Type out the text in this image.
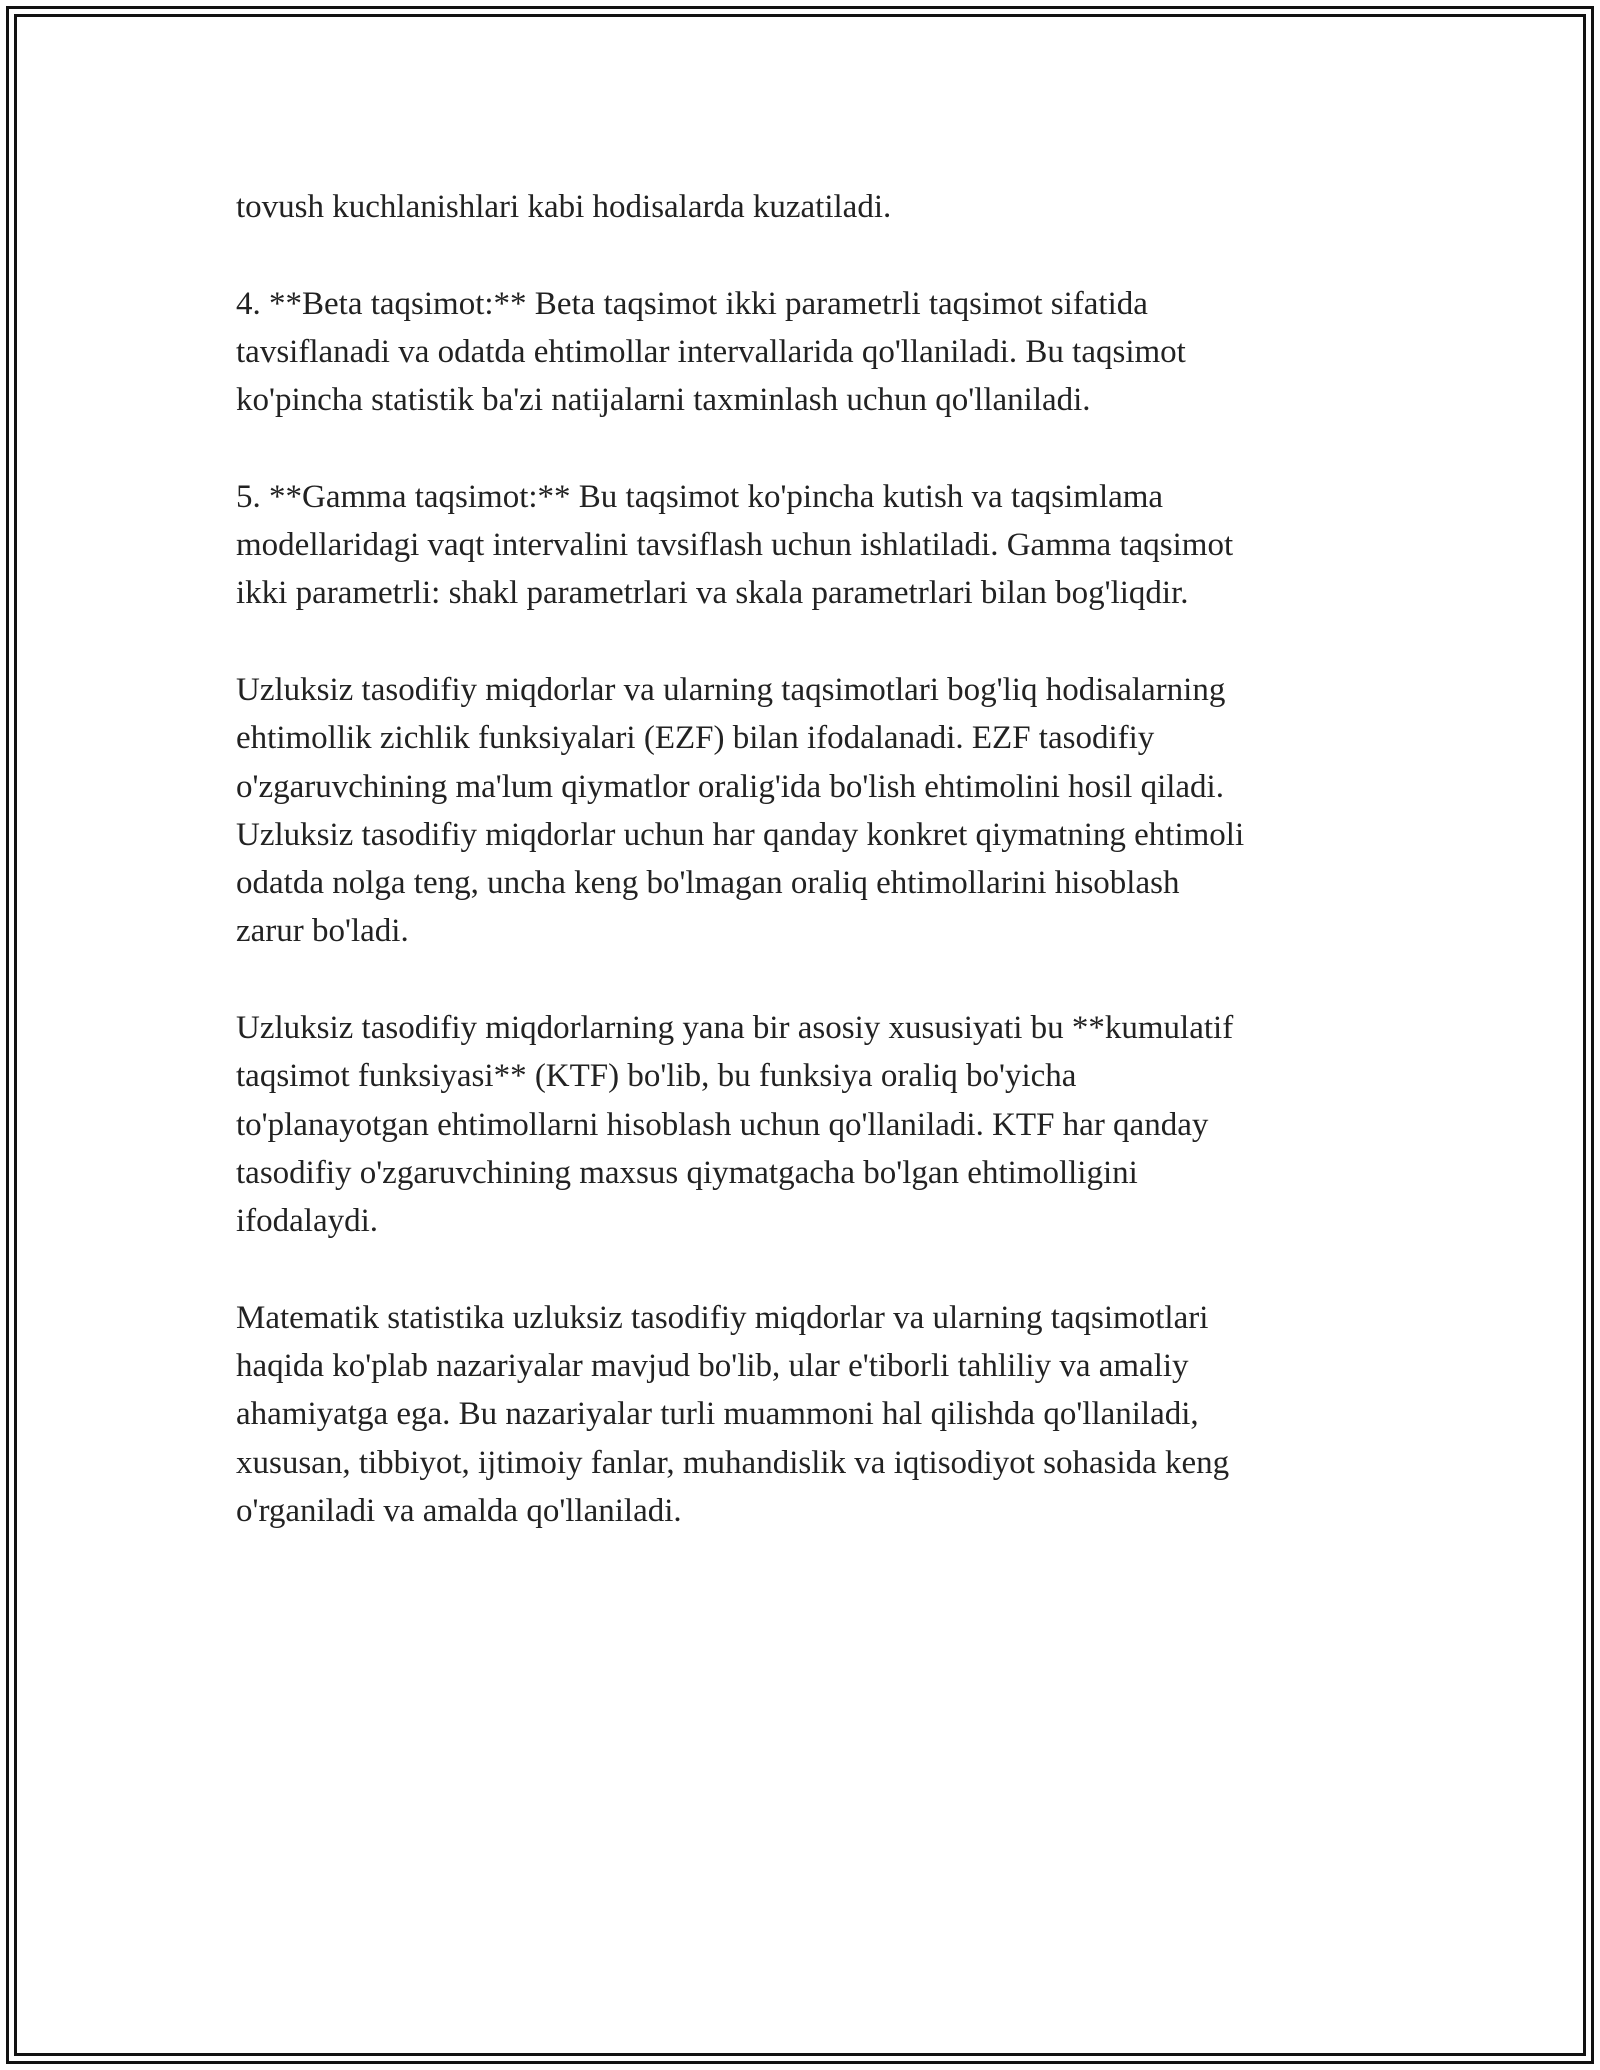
tovush kuchlanishlari kabi hodisalarda kuzatiladi.

4. **Beta taqsimot:** Beta taqsimot ikki parametrli taqsimot sifatida
tavsiflanadi va odatda ehtimollar intervallarida qo'llaniladi. Bu taqsimot
ko'pincha statistik ba'zi natijalarni taxminlash uchun qo'llaniladi.

5. **Gamma taqsimot:** Bu taqsimot ko'pincha kutish va taqsimlama
modellaridagi vaqt intervalini tavsiflash uchun ishlatiladi. Gamma taqsimot
ikki parametrli: shakl parametrlari va skala parametrlari bilan bog'liqdir.

Uzluksiz tasodifiy miqdorlar va ularning taqsimotlari bog'liq hodisalarning
ehtimollik zichlik funksiyalari (EZF) bilan ifodalanadi. EZF tasodifiy
o'zgaruvchining ma'lum qiymatlor oralig'ida bo'lish ehtimolini hosil qiladi.
Uzluksiz tasodifiy miqdorlar uchun har qanday konkret qiymatning ehtimoli
odatda nolga teng, uncha keng bo'lmagan oraliq ehtimollarini hisoblash
zarur bo'ladi.

Uzluksiz tasodifiy miqdorlarning yana bir asosiy xususiyati bu **kumulatif
taqsimot funksiyasi** (KTF) bo'lib, bu funksiya oraliq bo'yicha
to'planayotgan ehtimollarni hisoblash uchun qo'llaniladi. KTF har qanday
tasodifiy o'zgaruvchining maxsus qiymatgacha bo'lgan ehtimolligini
ifodalaydi.

Matematik statistika uzluksiz tasodifiy miqdorlar va ularning taqsimotlari
haqida ko'plab nazariyalar mavjud bo'lib, ular e'tiborli tahliliy va amaliy
ahamiyatga ega. Bu nazariyalar turli muammoni hal qilishda qo'llaniladi,
xususan, tibbiyot, ijtimoiy fanlar, muhandislik va iqtisodiyot sohasida keng
o'rganiladi va amalda qo'llaniladi.
